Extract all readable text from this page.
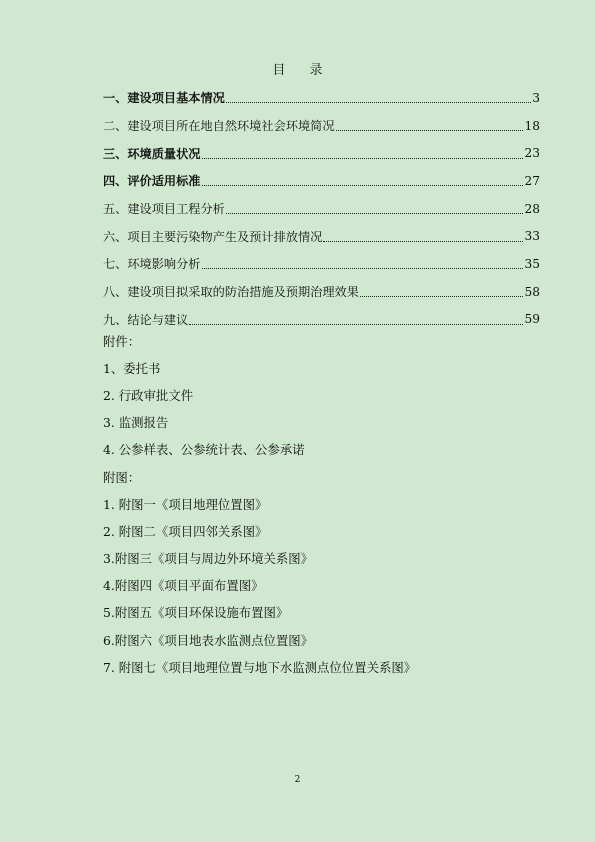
目 录
一、建设项目基本情况	3
二、建设项目所在地自然环境社会环境简况	18
三、环境质量状况	23
四、评价适用标准	27
五、建设项目工程分析	28
六、项目主要污染物产生及预计排放情况	33
七、环境影响分析	35
八、建设项目拟采取的防治措施及预期治理效果	58
九、结论与建议	59
附件：
1、委托书
2. 行政审批文件
3. 监测报告
4. 公参样表、公参统计表、公参承诺
附图：
1. 附图一《项目地理位置图》
2. 附图二《项目四邻关系图》
3.附图三《项目与周边外环境关系图》
4.附图四《项目平面布置图》
5.附图五《项目环保设施布置图》
6.附图六《项目地表水监测点位置图》
7. 附图七《项目地理位置与地下水监测点位位置关系图》
2
